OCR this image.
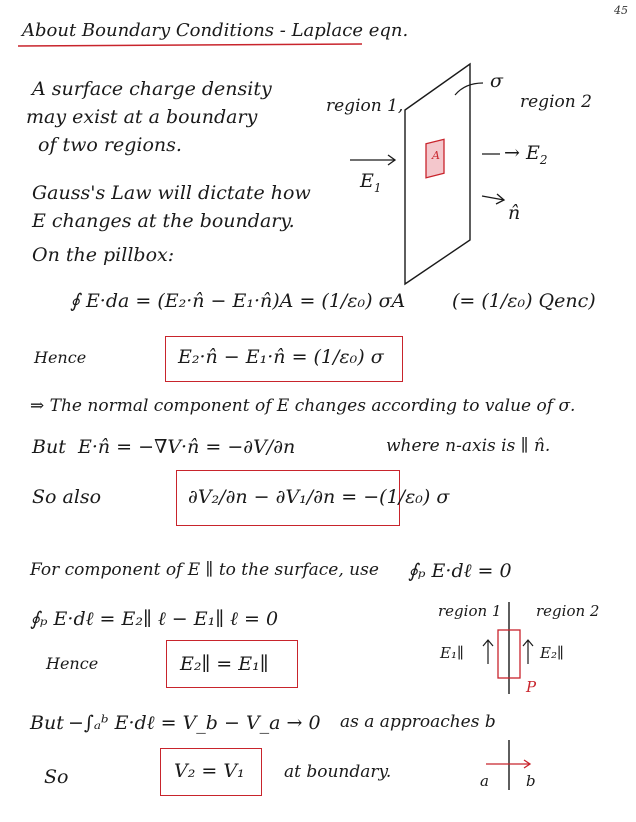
45
About Boundary Conditions - Laplace eqn.
A surface charge density
may exist at a boundary
of two regions.
Gauss's Law will dictate how
E changes at the boundary.
On the pillbox:
σ
region 1,	region 2
A
$E_1$
→ $E_2$
n̂
∮ E·da = (E₂·n̂ − E₁·n̂)A = (1/ε₀) σA (= (1/ε₀) Qenc)
Hence	E₂·n̂ − E₁·n̂ = (1/ε₀) σ
⇒ The normal component of E changes according to value of σ.
But E·n̂ = −∇V·n̂ = −∂V/∂n	where n-axis is ∥ n̂.
So also	∂V₂/∂n − ∂V₁/∂n = −(1/ε₀) σ
For component of E ∥ to the surface, use ∮ₚ E·dℓ = 0
∮ₚ E·dℓ = E₂∥ ℓ − E₁∥ ℓ = 0
Hence	E₂∥ = E₁∥
region 1 region 2
E₁∥	E₂∥
P
But −∫ₐᵇ E·dℓ = V_b − V_a → 0 as a approaches b
So	V₂ = V₁ at boundary.	a b
